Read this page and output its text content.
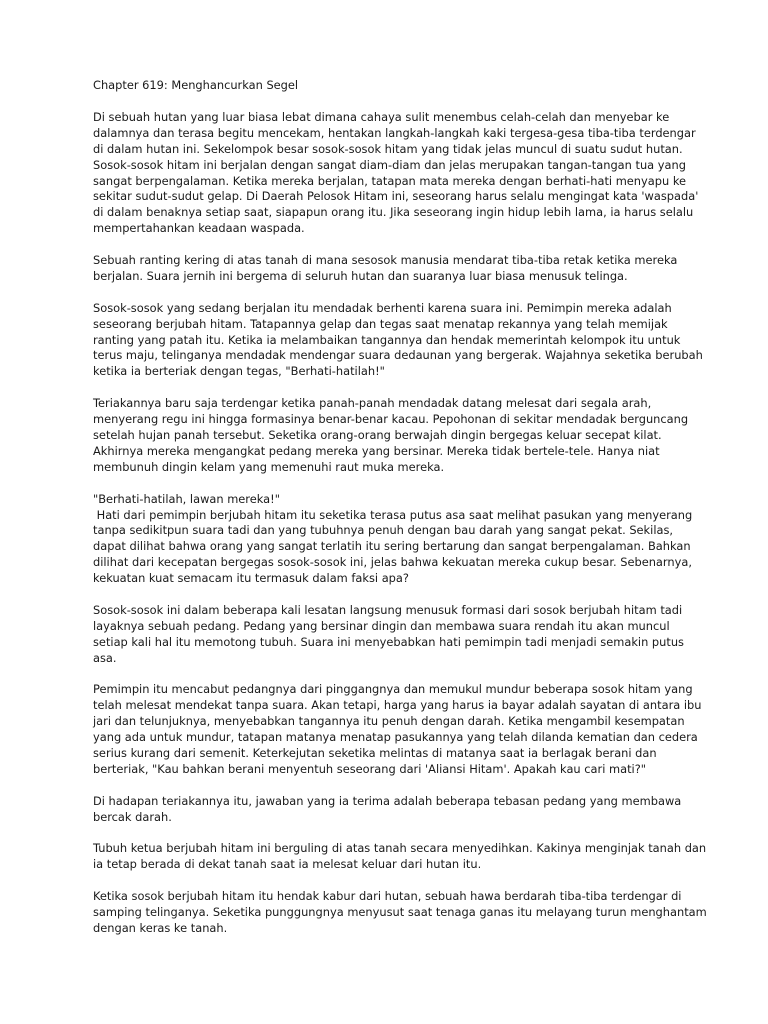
Chapter 619: Menghancurkan Segel

Di sebuah hutan yang luar biasa lebat dimana cahaya sulit menembus celah-celah dan menyebar ke dalamnya dan terasa begitu mencekam, hentakan langkah-langkah kaki tergesa-gesa tiba-tiba terdengar di dalam hutan ini. Sekelompok besar sosok-sosok hitam yang tidak jelas muncul di suatu sudut hutan. Sosok-sosok hitam ini berjalan dengan sangat diam-diam dan jelas merupakan tangan-tangan tua yang sangat berpengalaman. Ketika mereka berjalan, tatapan mata mereka dengan berhati-hati menyapu ke sekitar sudut-sudut gelap. Di Daerah Pelosok Hitam ini, seseorang harus selalu mengingat kata 'waspada' di dalam benaknya setiap saat, siapapun orang itu. Jika seseorang ingin hidup lebih lama, ia harus selalu mempertahankan keadaan waspada.

Sebuah ranting kering di atas tanah di mana sesosok manusia mendarat tiba-tiba retak ketika mereka berjalan. Suara jernih ini bergema di seluruh hutan dan suaranya luar biasa menusuk telinga.

Sosok-sosok yang sedang berjalan itu mendadak berhenti karena suara ini. Pemimpin mereka adalah seseorang berjubah hitam. Tatapannya gelap dan tegas saat menatap rekannya yang telah memijak ranting yang patah itu. Ketika ia melambaikan tangannya dan hendak memerintah kelompok itu untuk terus maju, telinganya mendadak mendengar suara dedaunan yang bergerak. Wajahnya seketika berubah ketika ia berteriak dengan tegas, "Berhati-hatilah!"

Teriakannya baru saja terdengar ketika panah-panah mendadak datang melesat dari segala arah, menyerang regu ini hingga formasinya benar-benar kacau. Pepohonan di sekitar mendadak berguncang setelah hujan panah tersebut. Seketika orang-orang berwajah dingin bergegas keluar secepat kilat. Akhirnya mereka mengangkat pedang mereka yang bersinar. Mereka tidak bertele-tele. Hanya niat membunuh dingin kelam yang memenuhi raut muka mereka.

"Berhati-hatilah, lawan mereka!"

Hati dari pemimpin berjubah hitam itu seketika terasa putus asa saat melihat pasukan yang menyerang tanpa sedikitpun suara tadi dan yang tubuhnya penuh dengan bau darah yang sangat pekat. Sekilas, dapat dilihat bahwa orang yang sangat terlatih itu sering bertarung dan sangat berpengalaman. Bahkan dilihat dari kecepatan bergegas sosok-sosok ini, jelas bahwa kekuatan mereka cukup besar. Sebenarnya, kekuatan kuat semacam itu termasuk dalam faksi apa?

Sosok-sosok ini dalam beberapa kali lesatan langsung menusuk formasi dari sosok berjubah hitam tadi layaknya sebuah pedang. Pedang yang bersinar dingin dan membawa suara rendah itu akan muncul setiap kali hal itu memotong tubuh. Suara ini menyebabkan hati pemimpin tadi menjadi semakin putus asa.

Pemimpin itu mencabut pedangnya dari pinggangnya dan memukul mundur beberapa sosok hitam yang telah melesat mendekat tanpa suara. Akan tetapi, harga yang harus ia bayar adalah sayatan di antara ibu jari dan telunjuknya, menyebabkan tangannya itu penuh dengan darah. Ketika mengambil kesempatan yang ada untuk mundur, tatapan matanya menatap pasukannya yang telah dilanda kematian dan cedera serius kurang dari semenit. Keterkejutan seketika melintas di matanya saat ia berlagak berani dan berteriak, "Kau bahkan berani menyentuh seseorang dari 'Aliansi Hitam'. Apakah kau cari mati?"

Di hadapan teriakannya itu, jawaban yang ia terima adalah beberapa tebasan pedang yang membawa bercak darah.

Tubuh ketua berjubah hitam ini berguling di atas tanah secara menyedihkan. Kakinya menginjak tanah dan ia tetap berada di dekat tanah saat ia melesat keluar dari hutan itu.

Ketika sosok berjubah hitam itu hendak kabur dari hutan, sebuah hawa berdarah tiba-tiba terdengar di samping telinganya. Seketika punggungnya menyusut saat tenaga ganas itu melayang turun menghantam dengan keras ke tanah.
